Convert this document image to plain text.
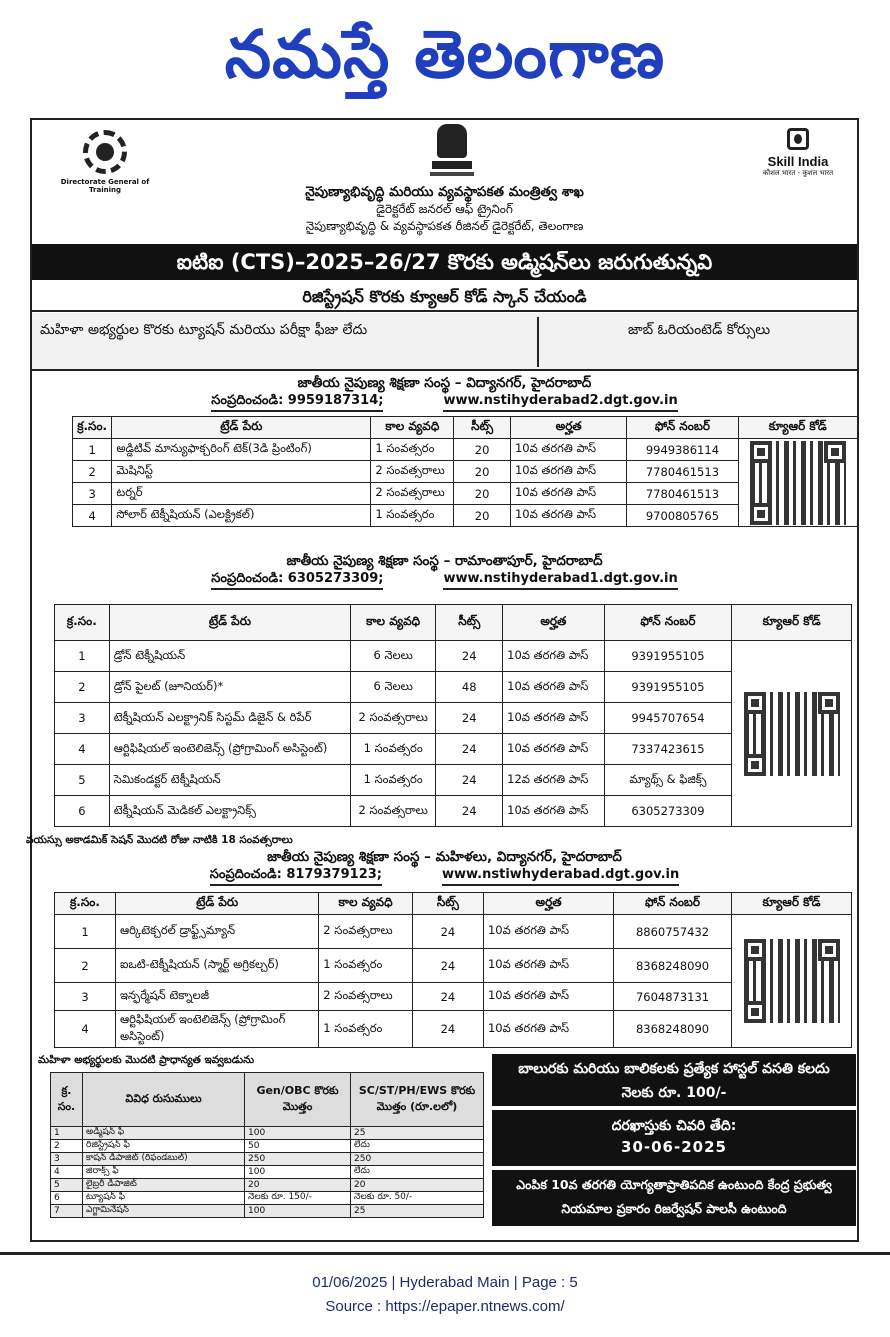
నమస్తే తెలంగాణ
Directorate General of Training
Skill India
कौशल भारत - कुशल भारत
నైపుణ్యాభివృద్ధి మరియు వ్యవస్థాపకత మంత్రిత్వ శాఖ
డైరెక్టరేట్ జనరల్ ఆఫ్ ట్రైనింగ్
నైపుణ్యాభివృద్ధి & వ్యవస్థాపకత రీజినల్ డైరెక్టరేట్, తెలంగాణ
ఐటిఐ (CTS)–2025–26/27 కొరకు అడ్మిషన్‌లు జరుగుతున్నవి
రిజిస్ట్రేషన్ కొరకు క్యూఆర్ కోడ్ స్కాన్ చేయండి
మహిళా అభ్యర్థుల కొరకు ట్యూషన్ మరియు పరీక్షా ఫీజు లేదు	జాబ్ ఓరియంటెడ్ కోర్సులు
జాతీయ నైపుణ్య శిక్షణా సంస్థ – విద్యానగర్, హైదరాబాద్
సంప్రదించండి: 9959187314;	www.nstihyderabad2.dgt.gov.in
క్ర.సం.	ట్రేడ్ పేరు	కాల వ్యవధి	సీట్స్	అర్హత	ఫోన్ నంబర్	క్యూఆర్ కోడ్
1	అడ్డిటివ్ మాన్యుఫాక్చరింగ్ టెక్(3డి ప్రింటింగ్)	1 సంవత్సరం	20	10వ తరగతి పాస్	9949386114	

2	మెషినిస్ట్	2 సంవత్సరాలు	20	10వ తరగతి పాస్	7780461513	
3	టర్నర్	2 సంవత్సరాలు	20	10వ తరగతి పాస్	7780461513	
4	సోలార్ టెక్నీషియన్ (ఎలక్ట్రికల్)	1 సంవత్సరం	20	10వ తరగతి పాస్	9700805765	
జాతీయ నైపుణ్య శిక్షణా సంస్థ – రామాంతాపూర్, హైదరాబాద్
సంప్రదించండి: 6305273309;	www.nstihyderabad1.dgt.gov.in
క్ర.సం.	ట్రేడ్ పేరు	కాల వ్యవధి	సీట్స్	అర్హత	ఫోన్ నంబర్	క్యూఆర్ కోడ్
1	డ్రోన్ టెక్నీషియన్	6 నెలలు	24	10వ తరగతి పాస్	9391955105	

2	డ్రోన్ పైలట్ (జూనియర్)*	6 నెలలు	48	10వ తరగతి పాస్	9391955105	
3	టెక్నీషియన్ ఎలక్ట్రానిక్ సిస్టమ్ డిజైన్ & రిపేర్	2 సంవత్సరాలు	24	10వ తరగతి పాస్	9945707654	
4	ఆర్టిఫిషియల్ ఇంటెలిజెన్స్ (ప్రోగ్రామింగ్ అసిస్టెంట్)	1 సంవత్సరం	24	10వ తరగతి పాస్	7337423615	
5	సెమికండక్టర్ టెక్నీషియన్	1 సంవత్సరం	24	12వ తరగతి పాస్	మ్యాథ్స్ & ఫిజిక్స్	
6	టెక్నీషియన్ మెడికల్ ఎలక్ట్రానిక్స్	2 సంవత్సరాలు	24	10వ తరగతి పాస్	6305273309	
వయస్సు అకాడమిక్ సెషన్ మొదటి రోజు నాటికి 18 సంవత్సరాలు
జాతీయ నైపుణ్య శిక్షణా సంస్థ – మహిళలు, విద్యానగర్, హైదరాబాద్
సంప్రదించండి: 8179379123;	www.nstiwhyderabad.dgt.gov.in
క్ర.సం.	ట్రేడ్ పేరు	కాల వ్యవధి	సీట్స్	అర్హత	ఫోన్ నంబర్	క్యూఆర్ కోడ్
1	ఆర్కిటెక్చరల్ డ్రాఫ్ట్స్‌మ్యాన్	2 సంవత్సరాలు	24	10వ తరగతి పాస్	8860757432	

2	ఐఒటి-టెక్నీషియన్ (స్మార్ట్ అగ్రికల్చర్)	1 సంవత్సరం	24	10వ తరగతి పాస్	8368248090	
3	ఇన్ఫర్మేషన్ టెక్నాలజీ	2 సంవత్సరాలు	24	10వ తరగతి పాస్	7604873131	
4	ఆర్టిఫిషియల్ ఇంటెలిజెన్స్ (ప్రోగ్రామింగ్ అసిస్టెంట్)	1 సంవత్సరం	24	10వ తరగతి పాస్	8368248090	
మహిళా అభ్యర్థులకు మొదటి ప్రాధాన్యత ఇవ్వబడును
క్ర. సం.	వివిధ రుసుములు	Gen/OBC కొరకు మొత్తం	SC/ST/PH/EWS కొరకు మొత్తం (రూ.లలో)
1	అడ్మిషన్ ఫీ	100	25
2	రిజిస్ట్రేషన్ ఫీ	50	లేదు
3	కాషన్ డిపాజిట్ (రిఫండబుల్)	250	250
4	జిరాక్స్ ఫీ	100	లేదు
5	లైబ్రరీ డిపాజిట్	20	20
6	ట్యూషన్ ఫీ	నెలకు రూ. 150/-	నెలకు రూ. 50/-
7	ఎగ్జామినేషన్	100	25
బాలురకు మరియు బాలికలకు ప్రత్యేక హాస్టల్ వసతి కలదు నెలకు రూ. 100/-
దరఖాస్తుకు చివరి తేది:
30-06-2025
ఎంపిక 10వ తరగతి యోగ్యతాప్రాతిపదిక ఉంటుంది కేంద్ర ప్రభుత్వ నియమాల ప్రకారం రిజర్వేషన్ పాలసీ ఉంటుంది
01/06/2025 | Hyderabad Main | Page : 5
Source : https://epaper.ntnews.com/
